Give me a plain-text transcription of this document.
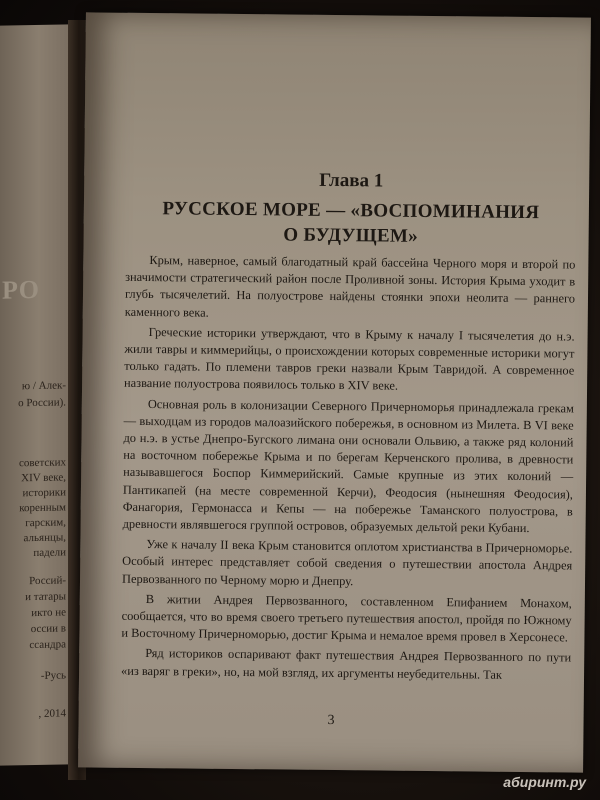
РО
ю / Алек-
о России).
советских
XIV веке,
историки
коренным
гарским,
альянцы,
падели
Россий-
и татары
икто не
оссии в
ссандра
-Русь
, 2014
Глава 1
РУССКОЕ МОРЕ — «ВОСПОМИНАНИЯ
О БУДУЩЕМ»

Крым, наверное, самый благодатный край бассейна Черного моря и второй по значимости стратегический район после Проливной зоны. История Крыма уходит в глубь тысячелетий. На полуострове найдены стоянки эпохи неолита — раннего каменного века.

Греческие историки утверждают, что в Крыму к началу I тысячелетия до н.э. жили тавры и киммерийцы, о происхождении которых современные историки могут только гадать. По племени тавров греки назвали Крым Тавридой. А современное название полуострова появилось только в XIV веке.

Основная роль в колонизации Северного Причерноморья принадлежала грекам — выходцам из городов малоазийского побережья, в основном из Милета. В VI веке до н.э. в устье Днепро-Бугского лимана они основали Ольвию, а также ряд колоний на восточном побережье Крыма и по берегам Керченского пролива, в древности называвшегося Боспор Киммерийский. Самые крупные из этих колоний — Пантикапей (на месте современной Керчи), Феодосия (нынешняя Феодосия), Фанагория, Гермонасса и Кепы — на побережье Таманского полуострова, в древности являвшегося группой островов, образуемых дельтой реки Кубани.

Уже к началу II века Крым становится оплотом христианства в Причерноморье. Особый интерес представляет собой сведения о путешествии апостола Андрея Первозванного по Черному морю и Днепру.

В житии Андрея Первозванного, составленном Епифанием Монахом, сообщается, что во время своего третьего путешествия апостол, пройдя по Южному и Восточному Причерноморью, достиг Крыма и немалое время провел в Херсонесе.

Ряд историков оспаривают факт путешествия Андрея Первозванного по пути «из варяг в греки», но, на мой взгляд, их аргументы неубедительны. Так

3
абиринт.ру
